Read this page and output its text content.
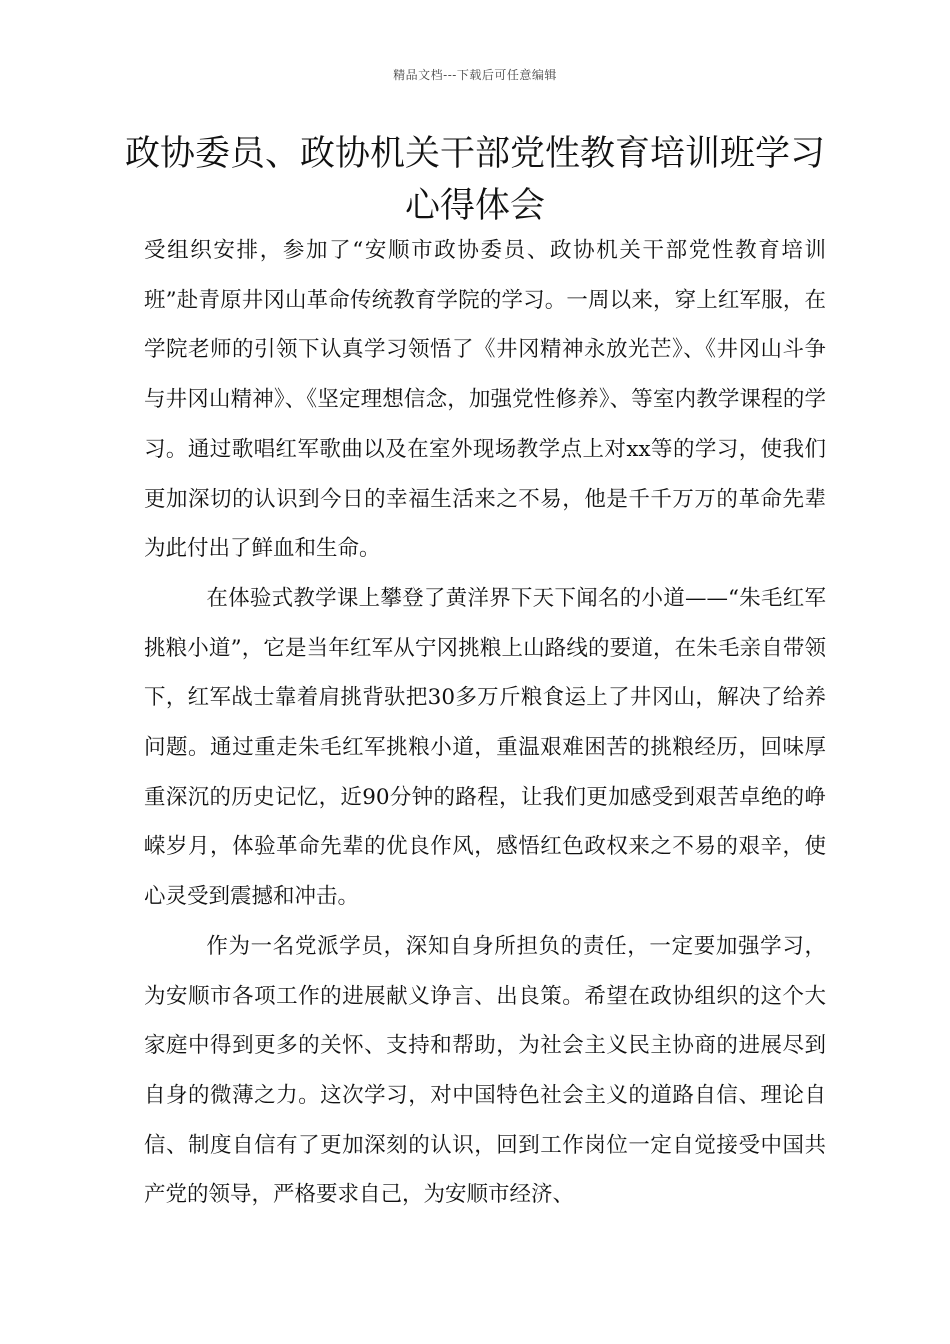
精品文档---下载后可任意编辑
政协委员、政协机关干部党性教育培训班学习心得体会

受组织安排，参加了“安顺市政协委员、政协机关干部党性教育培训班”赴青原井冈山革命传统教育学院的学习。一周以来，穿上红军服，在学院老师的引领下认真学习领悟了《井冈精神永放光芒》、《井冈山斗争与井冈山精神》、《坚定理想信念，加强党性修养》、等室内教学课程的学习。通过歌唱红军歌曲以及在室外现场教学点上对xx等的学习，使我们更加深切的认识到今日的幸福生活来之不易，他是千千万万的革命先辈为此付出了鲜血和生命。

在体验式教学课上攀登了黄洋界下天下闻名的小道——“朱毛红军挑粮小道”，它是当年红军从宁冈挑粮上山路线的要道，在朱毛亲自带领下，红军战士靠着肩挑背驮把30多万斤粮食运上了井冈山，解决了给养问题。通过重走朱毛红军挑粮小道，重温艰难困苦的挑粮经历，回味厚重深沉的历史记忆，近90分钟的路程，让我们更加感受到艰苦卓绝的峥嵘岁月，体验革命先辈的优良作风，感悟红色政权来之不易的艰辛，使心灵受到震撼和冲击。

作为一名党派学员，深知自身所担负的责任，一定要加强学习，为安顺市各项工作的进展献义诤言、出良策。希望在政协组织的这个大家庭中得到更多的关怀、支持和帮助，为社会主义民主协商的进展尽到自身的微薄之力。这次学习，对中国特色社会主义的道路自信、理论自信、制度自信有了更加深刻的认识，回到工作岗位一定自觉接受中国共产党的领导，严格要求自己，为安顺市经济、
